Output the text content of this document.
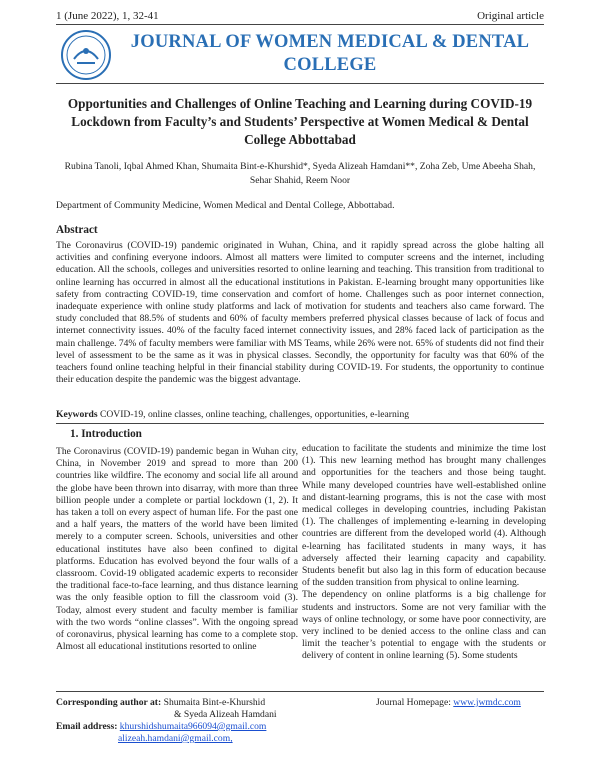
1 (June 2022), 1, 32-41	Original article
JOURNAL OF WOMEN MEDICAL & DENTAL COLLEGE
Opportunities and Challenges of Online Teaching and Learning during COVID-19 Lockdown from Faculty’s and Students’ Perspective at Women Medical & Dental College Abbottabad
Rubina Tanoli, Iqbal Ahmed Khan, Shumaita Bint-e-Khurshid*, Syeda Alizeah Hamdani**, Zoha Zeb, Ume Abeeha Shah, Sehar Shahid, Reem Noor
Department of Community Medicine, Women Medical and Dental College, Abbottabad.
Abstract
The Coronavirus (COVID-19) pandemic originated in Wuhan, China, and it rapidly spread across the globe halting all activities and confining everyone indoors. Almost all matters were limited to computer screens and the internet, including education. All the schools, colleges and universities resorted to online learning and teaching. This transition from traditional to online learning has occurred in almost all the educational institutions in Pakistan. E-learning brought many opportunities like safety from contracting COVID-19, time conservation and comfort of home. Challenges such as poor internet connection, inadequate experience with online study platforms and lack of motivation for students and teachers also came forward. The study concluded that 88.5% of students and 60% of faculty members preferred physical classes because of lack of focus and internet connectivity issues. 40% of the faculty faced internet connectivity issues, and 28% faced lack of participation as the main challenge. 74% of faculty members were familiar with MS Teams, while 26% were not. 65% of students did not find their level of assessment to be the same as it was in physical classes. Secondly, the opportunity for faculty was that 60% of the teachers found online teaching helpful in their financial stability during COVID-19. For students, the opportunity to continue their education despite the pandemic was the biggest advantage.
Keywords COVID-19, online classes, online teaching, challenges, opportunities, e-learning
1. Introduction
The Coronavirus (COVID-19) pandemic began in Wuhan city, China, in November 2019 and spread to more than 200 countries like wildfire. The economy and social life all around the globe have been thrown into disarray, with more than three billion people under a complete or partial lockdown (1, 2). It has taken a toll on every aspect of human life. For the past one and a half years, the matters of the world have been limited merely to a computer screen. Schools, universities and other educational institutes have also been confined to digital platforms. Education has evolved beyond the four walls of a classroom. Covid-19 obligated academic experts to reconsider the traditional face-to-face learning, and thus distance learning was the only feasible option to fill the classroom void (3). Today, almost every student and faculty member is familiar with the two words “online classes”. With the ongoing spread of coronavirus, physical learning has come to a complete stop. Almost all educational institutions resorted to online
education to facilitate the students and minimize the time lost (1). This new learning method has brought many challenges and opportunities for the teachers and those being taught. While many developed countries have well-established online and distant-learning programs, this is not the case with most medical colleges in developing countries, including Pakistan (1). The challenges of implementing e-learning in developing countries are different from the developed world (4). Although e-learning has facilitated students in many ways, it has adversely affected their learning capacity and capability. Students benefit but also lag in this form of education because of the sudden transition from physical to online learning.
The dependency on online platforms is a big challenge for students and instructors. Some are not very familiar with the ways of online technology, or some have poor connectivity, are very inclined to be denied access to the online class and can limit the teacher’s potential to engage with the students or delivery of content in online learning (5). Some students
Corresponding author at: Shumaita Bint-e-Khurshid
& Syeda Alizeah Hamdani
Email address: khurshidshumaita966094@gmail.com
alizeah.hamdani@gmail.com,
Journal Homepage: www.jwmdc.com
